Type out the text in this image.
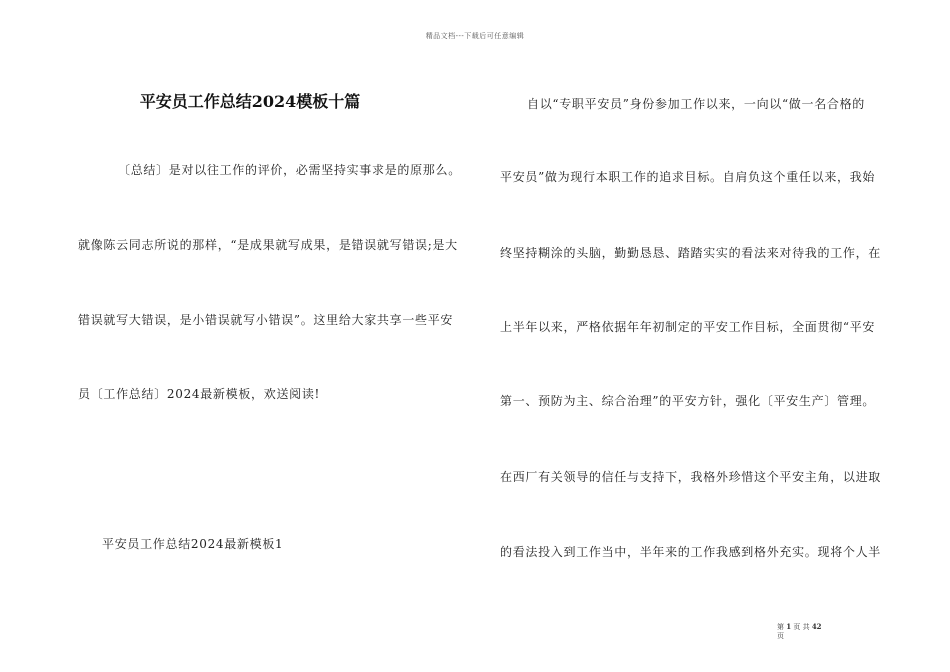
精品文档---下载后可任意编辑
平安员工作总结2024模板十篇
〔总结〕是对以往工作的评价，必需坚持实事求是的原那么。
就像陈云同志所说的那样，“是成果就写成果，是错误就写错误;是大
错误就写大错误，是小错误就写小错误”。这里给大家共享一些平安
员〔工作总结〕2024最新模板，欢送阅读!
平安员工作总结2024最新模板1
自以“专职平安员”身份参加工作以来，一向以“做一名合格的
平安员”做为现行本职工作的追求目标。自肩负这个重任以来，我始
终坚持糊涂的头脑，勤勤恳恳、踏踏实实的看法来对待我的工作，在
上半年以来，严格依据年年初制定的平安工作目标，全面贯彻“平安
第一、预防为主、综合治理”的平安方针，强化〔平安生产〕管理。
在西厂有关领导的信任与支持下，我格外珍惜这个平安主角，以进取
的看法投入到工作当中，半年来的工作我感到格外充实。现将个人半
第 1 页 共 42
页
